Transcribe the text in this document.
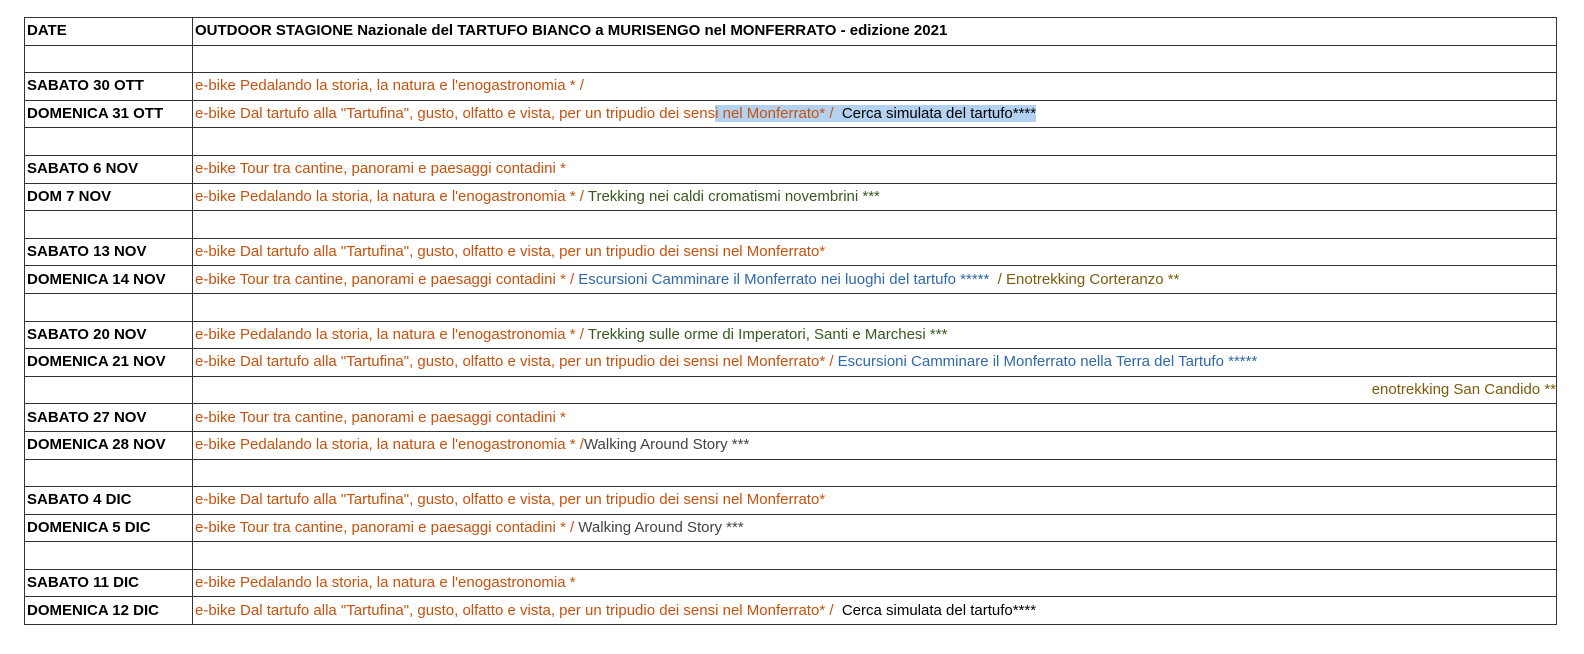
DATE	OUTDOOR STAGIONE Nazionale del TARTUFO BIANCO a MURISENGO nel MONFERRATO - edizione 2021

SABATO 30 OTT	e-bike Pedalando la storia, la natura e l'enogastronomia * /
DOMENICA 31 OTT	e-bike Dal tartufo alla "Tartufina", gusto, olfatto e vista, per un tripudio dei sensi nel Monferrato* /  Cerca simulata del tartufo****

SABATO 6 NOV	e-bike Tour tra cantine, panorami e paesaggi contadini *
DOM 7 NOV	e-bike Pedalando la storia, la natura e l'enogastronomia * / Trekking nei caldi cromatismi novembrini ***

SABATO 13 NOV	e-bike Dal tartufo alla "Tartufina", gusto, olfatto e vista, per un tripudio dei sensi nel Monferrato*
DOMENICA 14 NOV	e-bike Tour tra cantine, panorami e paesaggi contadini * / Escursioni Camminare il Monferrato nei luoghi del tartufo *****  / Enotrekking Corteranzo **

SABATO 20 NOV	e-bike Pedalando la storia, la natura e l'enogastronomia * / Trekking sulle orme di Imperatori, Santi e Marchesi ***
DOMENICA 21 NOV	e-bike Dal tartufo alla "Tartufina", gusto, olfatto e vista, per un tripudio dei sensi nel Monferrato* / Escursioni Camminare il Monferrato nella Terra del Tartufo *****
	enotrekking San Candido **
SABATO 27 NOV	e-bike Tour tra cantine, panorami e paesaggi contadini *
DOMENICA 28 NOV	e-bike Pedalando la storia, la natura e l'enogastronomia * /Walking Around Story ***

SABATO 4 DIC	e-bike Dal tartufo alla "Tartufina", gusto, olfatto e vista, per un tripudio dei sensi nel Monferrato*
DOMENICA 5 DIC	e-bike Tour tra cantine, panorami e paesaggi contadini * / Walking Around Story ***

SABATO 11 DIC	e-bike Pedalando la storia, la natura e l'enogastronomia *
DOMENICA 12 DIC	e-bike Dal tartufo alla "Tartufina", gusto, olfatto e vista, per un tripudio dei sensi nel Monferrato* /  Cerca simulata del tartufo****
